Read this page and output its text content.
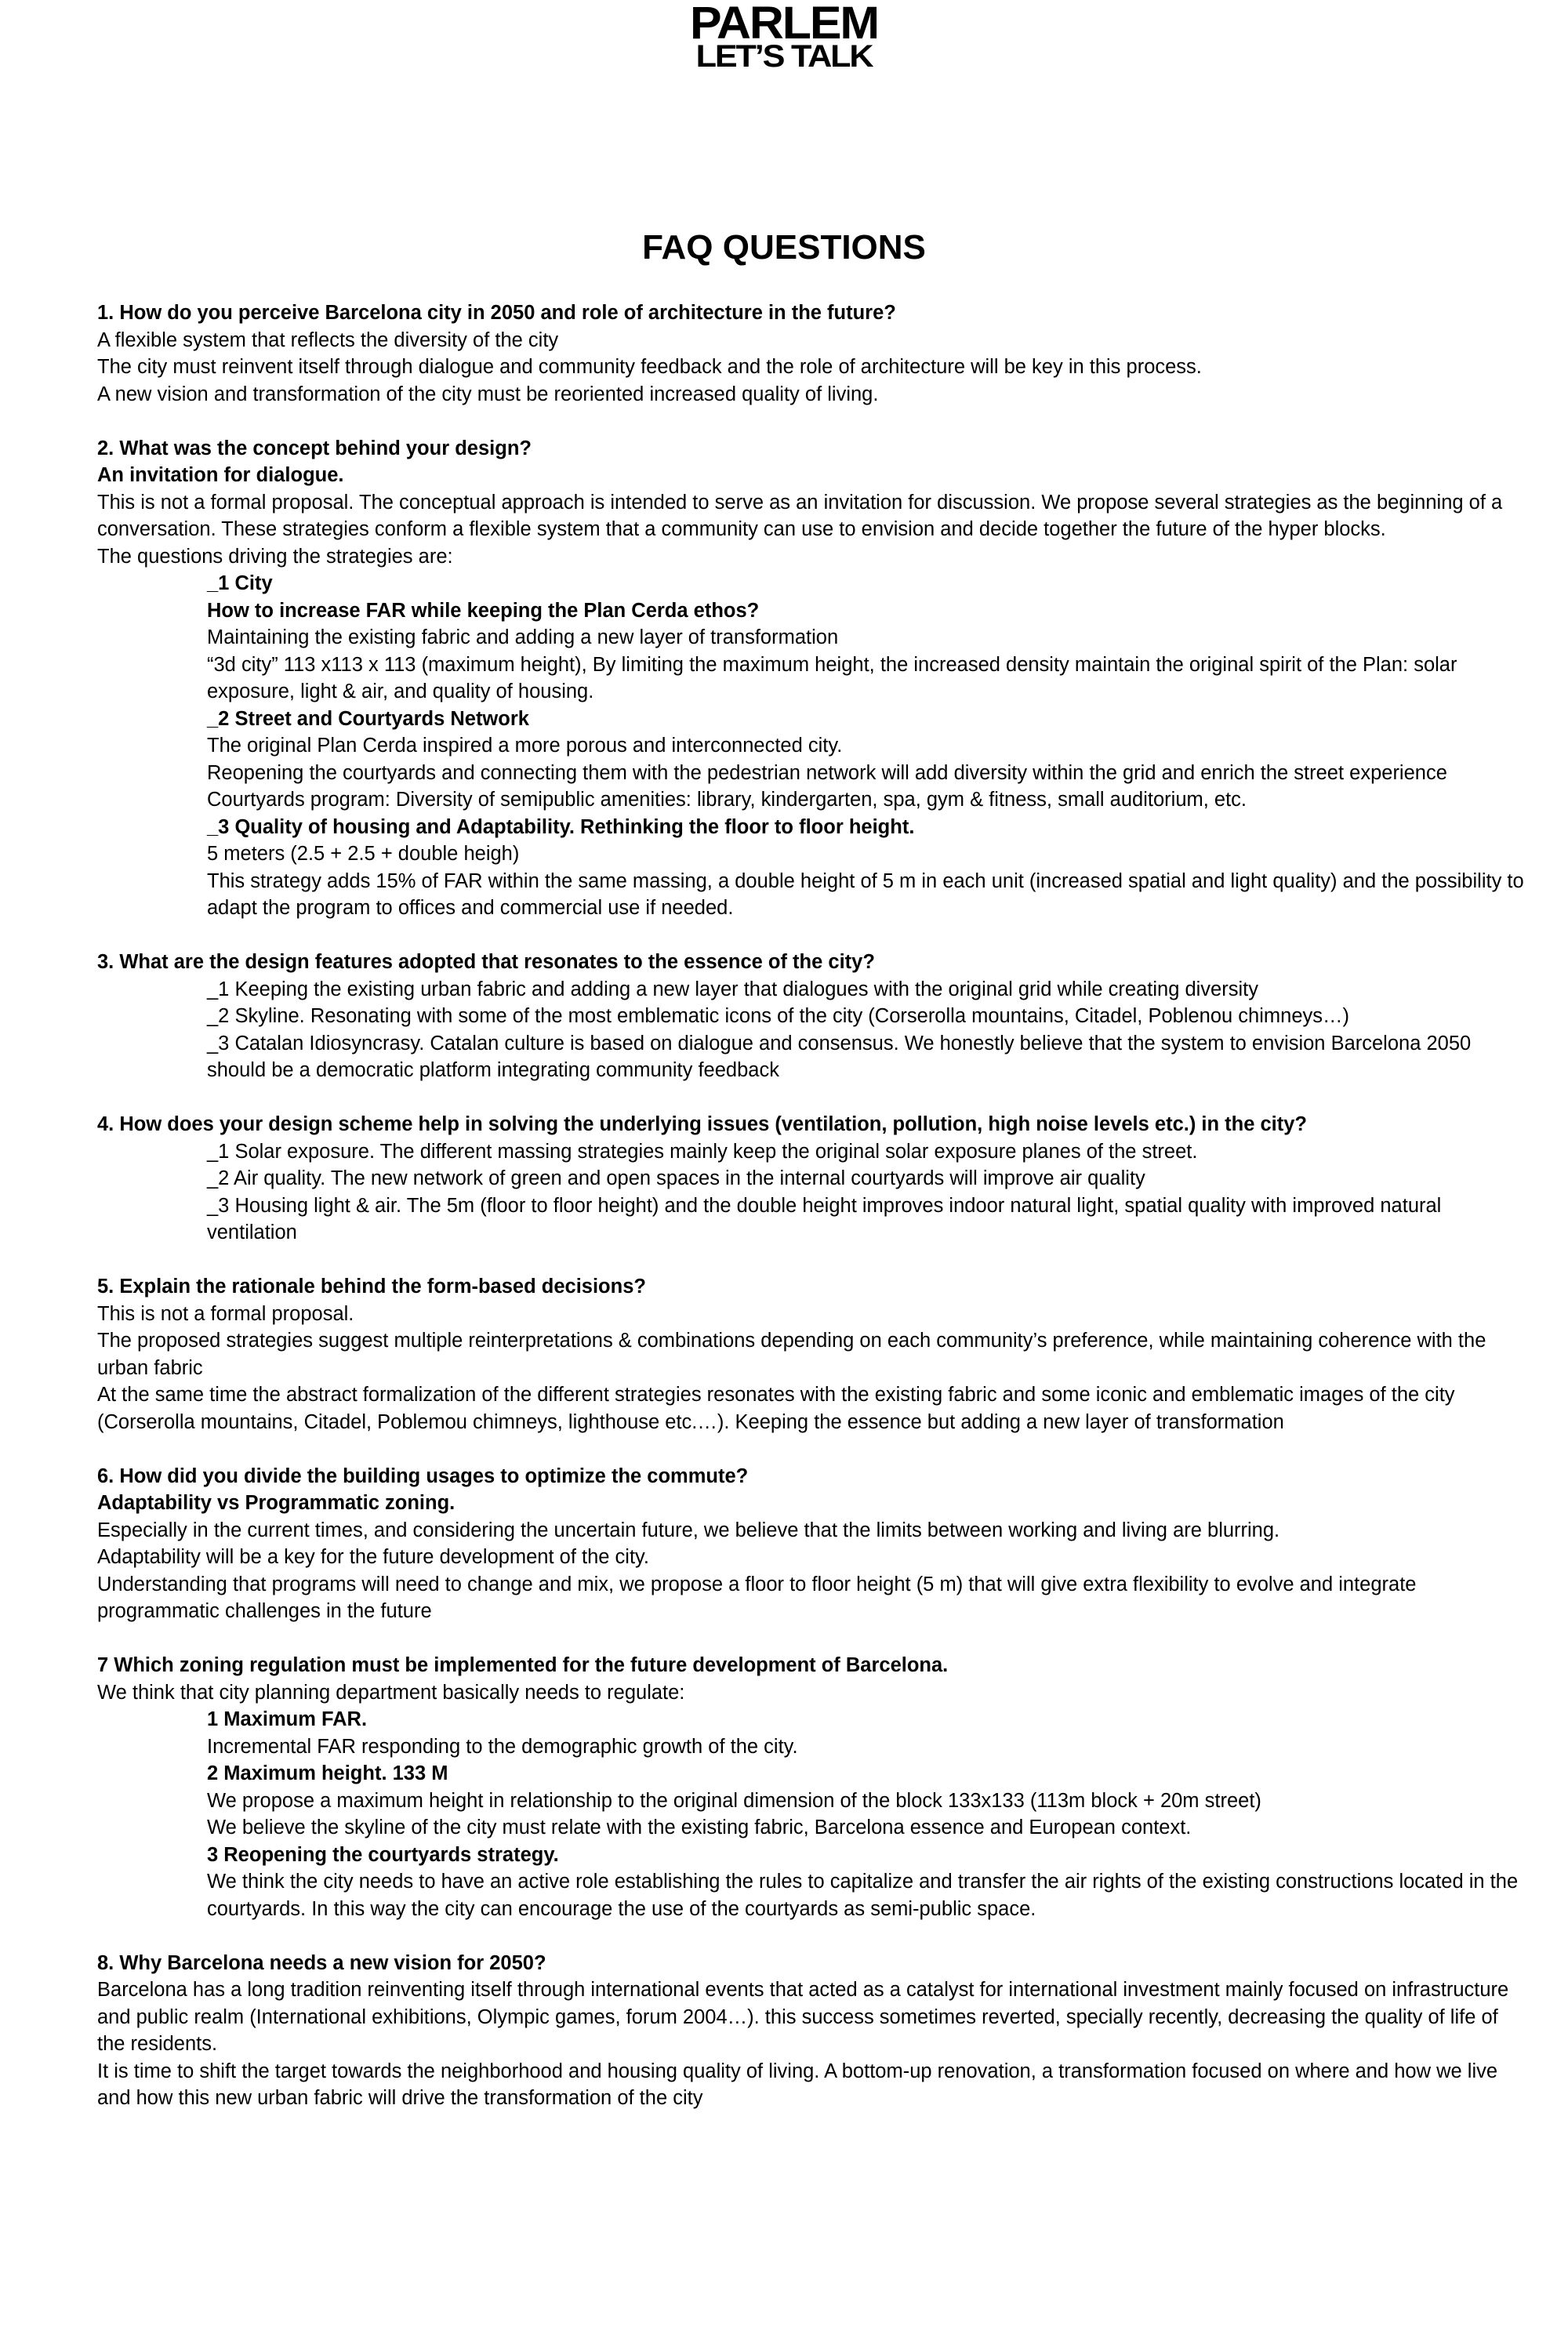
PARLEM
LET’S TALK
FAQ QUESTIONS

1. How do you perceive Barcelona city in 2050 and role of architecture in the future?

A flexible system that reflects the diversity of the city

The city must reinvent itself through dialogue and community feedback and the role of architecture will be key in this process.

A new vision and transformation of the city must be reoriented increased quality of living.

2. What was the concept behind your design?

An invitation for dialogue.

This is not a formal proposal. The conceptual approach is intended to serve as an invitation for discussion. We propose several strategies as the beginning of a conversation. These strategies conform a flexible system that a community can use to envision and decide together the future of the hyper blocks.

The questions driving the strategies are:

_1 City

How to increase FAR while keeping the Plan Cerda ethos?

Maintaining the existing fabric and adding a new layer of transformation

“3d city” 113 x113 x 113 (maximum height), By limiting the maximum height, the increased density maintain the original spirit of the Plan: solar exposure, light & air, and quality of housing.

_2 Street and Courtyards Network

The original Plan Cerda inspired a more porous and interconnected city.

Reopening the courtyards and connecting them with the pedestrian network will add diversity within the grid and enrich the street experience

Courtyards program: Diversity of semipublic amenities: library, kindergarten, spa, gym & fitness, small auditorium, etc.

_3 Quality of housing and Adaptability. Rethinking the floor to floor height.

5 meters (2.5 + 2.5 + double heigh)

This strategy adds 15% of FAR within the same massing, a double height of 5 m in each unit (increased spatial and light quality) and the possibility to adapt the program to offices and commercial use if needed.

3. What are the design features adopted that resonates to the essence of the city?

_1 Keeping the existing urban fabric and adding a new layer that dialogues with the original grid while creating diversity

_2 Skyline. Resonating with some of the most emblematic icons of the city (Corserolla mountains, Citadel, Poblenou chimneys…)

_3 Catalan Idiosyncrasy. Catalan culture is based on dialogue and consensus. We honestly believe that the system to envision Barcelona 2050 should be a democratic platform integrating community feedback

4. How does your design scheme help in solving the underlying issues (ventilation, pollution, high noise levels etc.) in the city?

_1 Solar exposure. The different massing strategies mainly keep the original solar exposure planes of the street.

_2 Air quality. The new network of green and open spaces in the internal courtyards will improve air quality

_3 Housing light & air. The 5m (floor to floor height) and the double height improves indoor natural light, spatial quality with improved natural ventilation

5. Explain the rationale behind the form-based decisions?

This is not a formal proposal.

The proposed strategies suggest multiple reinterpretations & combinations depending on each community’s preference, while maintaining coherence with the urban fabric

At the same time the abstract formalization of the different strategies resonates with the existing fabric and some iconic and emblematic images of the city (Corserolla mountains, Citadel, Poblemou chimneys, lighthouse etc.…). Keeping the essence but adding a new layer of transformation

6. How did you divide the building usages to optimize the commute?

Adaptability vs Programmatic zoning.

Especially in the current times, and considering the uncertain future, we believe that the limits between working and living are blurring.

Adaptability will be a key for the future development of the city.

Understanding that programs will need to change and mix, we propose a floor to floor height (5 m) that will give extra flexibility to evolve and integrate programmatic challenges in the future

7 Which zoning regulation must be implemented for the future development of Barcelona.

We think that city planning department basically needs to regulate:

1 Maximum FAR.

Incremental FAR responding to the demographic growth of the city.

2 Maximum height. 133 M

We propose a maximum height in relationship to the original dimension of the block 133x133 (113m block + 20m street)

We believe the skyline of the city must relate with the existing fabric, Barcelona essence and European context.

3 Reopening the courtyards strategy.

We think the city needs to have an active role establishing the rules to capitalize and transfer the air rights of the existing constructions located in the courtyards. In this way the city can encourage the use of the courtyards as semi-public space.

8. Why Barcelona needs a new vision for 2050?

Barcelona has a long tradition reinventing itself through international events that acted as a catalyst for international investment mainly focused on infrastructure and public realm (International exhibitions, Olympic games, forum 2004…). this success sometimes reverted, specially recently, decreasing the quality of life of the residents.

It is time to shift the target towards the neighborhood and housing quality of living. A bottom-up renovation, a transformation focused on where and how we live and how this new urban fabric will drive the transformation of the city
